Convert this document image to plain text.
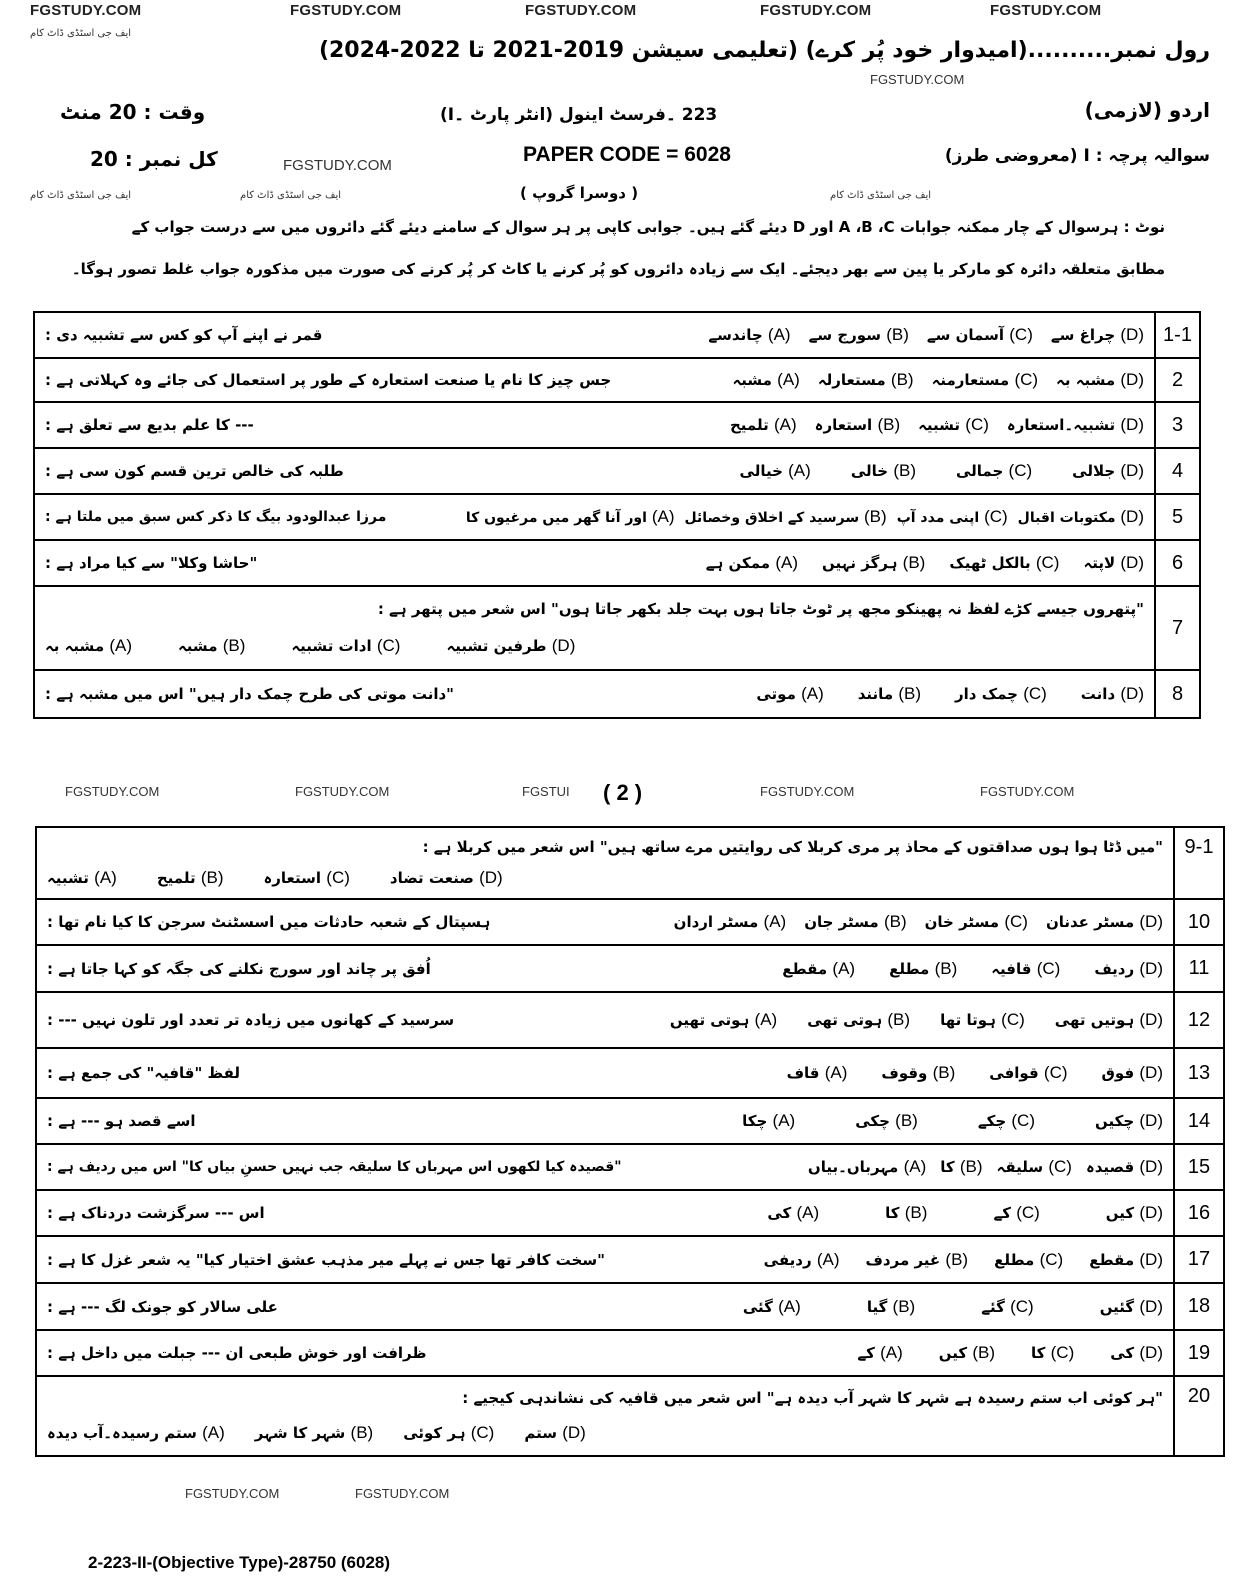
FGSTUDY.COM	FGSTUDY.COM	FGSTUDY.COM	FGSTUDY.COM	FGSTUDY.COM
ایف جی اسٹڈی ڈاٹ کام
رول نمبر..........(امیدوار خود پُر کرے) (تعلیمی سیشن 2019-2021 تا 2022-2024)
FGSTUDY.COM
اردو (لازمی)
223 ۔فرسٹ اینول (انٹر پارٹ ۔I)
وقت : 20 منٹ
سوالیہ پرچہ : I (معروضی طرز)
PAPER CODE = 6028
FGSTUDY.COM
کل نمبر : 20
( دوسرا گروپ )
ایف جی اسٹڈی ڈاٹ کام	ایف جی اسٹڈی ڈاٹ کام	ایف جی اسٹڈی ڈاٹ کام
نوٹ : ہرسوال کے چار ممکنہ جوابات A ،B ،C اور D دیئے گئے ہیں۔ جوابی کاپی پر ہر سوال کے سامنے دیئے گئے دائروں میں سے درست جواب کے
مطابق متعلقہ دائرہ کو مارکر یا پین سے بھر دیجئے۔ ایک سے زیادہ دائروں کو پُر کرنے یا کاٹ کر پُر کرنے کی صورت میں مذکورہ جواب غلط تصور ہوگا۔
1-1
قمر نے اپنے آپ کو کس سے تشبیہ دی :	(A) چاندسے	(B) سورج سے	(C) آسمان سے	(D) چراغ سے
2
جس چیز کا نام یا صنعت استعارہ کے طور پر استعمال کی جائے وہ کہلاتی ہے :	(A) مشبہ	(B) مستعارلہ	(C) مستعارمنہ	(D) مشبہ بہ
3
--- کا علم بدیع سے تعلق ہے :	(A) تلمیح	(B) استعارہ	(C) تشبیہ	(D) تشبیہ۔استعارہ
4
طلبہ کی خالص ترین قسم کون سی ہے :	(A) خیالی	(B) خالی	(C) جمالی	(D) جلالی
5
مرزا عبدالودود بیگ کا ذکر کس سبق میں ملتا ہے :	(A) اور آنا گھر میں مرغیوں کا	(B) سرسید کے اخلاق وخصائل	(C) اپنی مدد آپ	(D) مکتوبات اقبال
6
"حاشا وکلا" سے کیا مراد ہے :	(A) ممکن ہے	(B) ہرگز نہیں	(C) بالکل ٹھیک	(D) لاپتہ
7
"پتھروں جیسے کڑے لفظ نہ پھینکو مجھ پر ٹوٹ جاتا ہوں بہت جلد بکھر جاتا ہوں" اس شعر میں پتھر ہے :
(A) مشبہ بہ	(B) مشبہ	(C) ادات تشبیہ	(D) طرفین تشبیہ
8
"دانت موتی کی طرح چمک دار ہیں" اس میں مشبہ ہے :	(A) موتی	(B) مانند	(C) چمک دار	(D) دانت
FGSTUDY.COM	FGSTUDY.COM	FGSTUI ( 2 )	FGSTUDY.COM	FGSTUDY.COM
9-1
"میں ڈٹا ہوا ہوں صداقتوں کے محاذ پر مری کربلا کی روایتیں مرے ساتھ ہیں" اس شعر میں کربلا ہے :
(A) تشبیہ	(B) تلمیح	(C) استعارہ	(D) صنعت تضاد
10
ہسپتال کے شعبہ حادثات میں اسسٹنٹ سرجن کا کیا نام تھا :	(A) مسٹر اردان	(B) مسٹر جان	(C) مسٹر خان	(D) مسٹر عدنان
11
اُفق پر چاند اور سورج نکلنے کی جگہ کو کہا جاتا ہے :	(A) مقطع	(B) مطلع	(C) قافیہ	(D) ردیف
12
سرسید کے کھانوں میں زیادہ تر تعدد اور تلون نہیں --- :	(A) ہوتی تھیں	(B) ہوتی تھی	(C) ہوتا تھا	(D) ہوتیں تھی
13
لفظ "قافیہ" کی جمع ہے :	(A) قاف	(B) وقوف	(C) قوافی	(D) فوق
14
اسے قصد ہو --- ہے :	(A) چکا	(B) چکی	(C) چکے	(D) چکیں
15
"قصیدہ کیا لکھوں اس مہرباں کا سلیقہ جب نہیں حسنِ بیاں کا" اس میں ردیف ہے :	(A) مہرباں۔بیاں	(B) کا	(C) سلیقہ	(D) قصیدہ
16
اس --- سرگزشت دردناک ہے :	(A) کی	(B) کا	(C) کے	(D) کیں
17
"سخت کافر تھا جس نے پہلے میر مذہب عشق اختیار کیا" یہ شعر غزل کا ہے :	(A) ردیفی	(B) غیر مردف	(C) مطلع	(D) مقطع
18
علی سالار کو جونک لگ --- ہے :	(A) گئی	(B) گیا	(C) گئے	(D) گئیں
19
ظرافت اور خوش طبعی ان --- جبلت میں داخل ہے :	(A) کے	(B) کیں	(C) کا	(D) کی
20
"ہر کوئی اب ستم رسیدہ ہے شہر کا شہر آب دیدہ ہے" اس شعر میں قافیہ کی نشاندہی کیجیے :
(A) ستم رسیدہ۔آب دیدہ	(B) شہر کا شہر	(C) ہر کوئی	(D) ستم
FGSTUDY.COM	FGSTUDY.COM
2-223-II-(Objective Type)-28750 (6028)
